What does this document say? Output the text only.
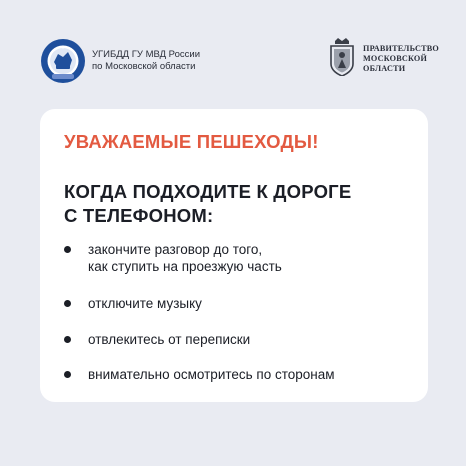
УГИБДД ГУ МВД России
по Московской области
ПРАВИТЕЛЬСТВО
МОСКОВСКОЙ
ОБЛАСТИ
УВАЖАЕМЫЕ ПЕШЕХОДЫ!
КОГДА ПОДХОДИТЕ К ДОРОГЕ
С ТЕЛЕФОНОМ:
закончите разговор до того,
как ступить на проезжую часть
отключите музыку
отвлекитесь от переписки
внимательно осмотритесь по сторонам
